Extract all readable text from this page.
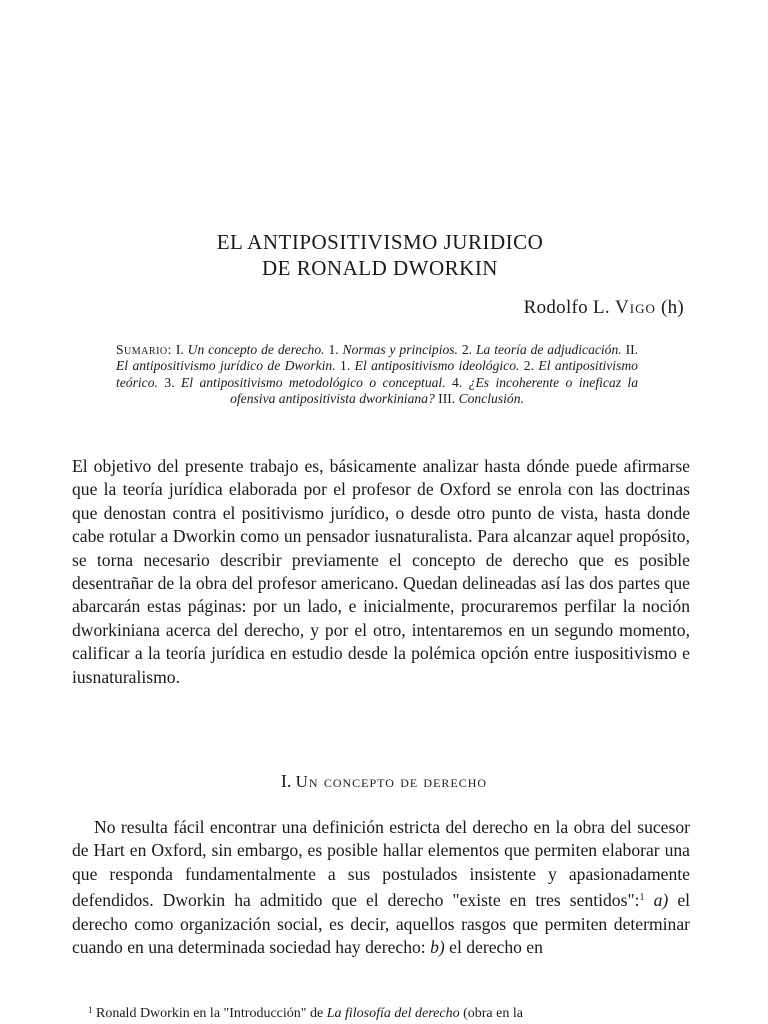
EL ANTIPOSITIVISMO JURIDICO
DE RONALD DWORKIN

Rodolfo L. Vigo (h)

Sumario: I. Un concepto de derecho. 1. Normas y principios. 2. La teoría de adjudicación. II. El antipositivismo jurídico de Dworkin. 1. El antipositivismo ideológico. 2. El antipositivismo teórico. 3. El antipositivismo metodológico o conceptual. 4. ¿Es incoherente o ineficaz la ofensiva antipositivista dworkiniana? III. Conclusión.

El objetivo del presente trabajo es, básicamente analizar hasta dónde puede afirmarse que la teoría jurídica elaborada por el profesor de Oxford se enrola con las doctrinas que denostan contra el positivismo jurídico, o desde otro punto de vista, hasta donde cabe rotular a Dworkin como un pensador iusnaturalista. Para alcanzar aquel propósito, se torna necesario describir previamente el concepto de derecho que es posible desentrañar de la obra del profesor americano. Quedan delineadas así las dos partes que abarcarán estas páginas: por un lado, e inicialmente, procuraremos perfilar la noción dworkiniana acerca del derecho, y por el otro, intentaremos en un segundo momento, calificar a la teoría jurídica en estudio desde la polémica opción entre iuspositivismo e iusnaturalismo.

I. Un concepto de derecho

No resulta fácil encontrar una definición estricta del derecho en la obra del sucesor de Hart en Oxford, sin embargo, es posible hallar elementos que permiten elaborar una que responda fundamentalmente a sus postulados insistente y apasionadamente defendidos. Dworkin ha admitido que el derecho "existe en tres sentidos":$^1$ a) el derecho como organización social, es decir, aquellos rasgos que permiten determinar cuando en una determinada sociedad hay derecho: b) el derecho en

$^1$ Ronald Dworkin en la "Introducción" de La filosofía del derecho (obra en la
